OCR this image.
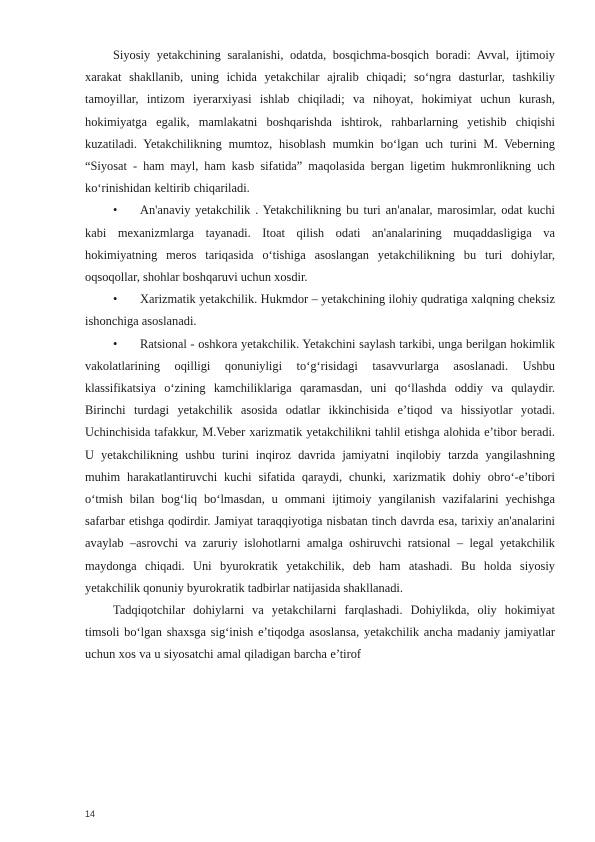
Siyosiy yetakchining saralanishi, odatda, bosqichma-bosqich boradi: Avval, ijtimoiy xarakat shakllanib, uning ichida yetakchilar ajralib chiqadi; so‘ngra dasturlar, tashkiliy tamoyillar, intizom iyerarxiyasi ishlab chiqiladi; va nihoyat, hokimiyat uchun kurash, hokimiyatga egalik, mamlakatni boshqarishda ishtirok, rahbarlarning yetishib chiqishi kuzatiladi. Yetakchilikning mumtoz, hisoblash mumkin bo‘lgan uch turini M. Veberning “Siyosat - ham mayl, ham kasb sifatida” maqolasida bergan ligetim hukmronlikning uch ko‘rinishidan keltirib chiqariladi.

• An'anaviy yetakchilik . Yetakchilikning bu turi an'analar, marosimlar, odat kuchi kabi mexanizmlarga tayanadi. Itoat qilish odati an'analarining muqaddasligiga va hokimiyatning meros tariqasida o‘tishiga asoslangan yetakchilikning bu turi dohiylar, oqsoqollar, shohlar boshqaruvi uchun xosdir.

• Xarizmatik yetakchilik. Hukmdor – yetakchining ilohiy qudratiga xalqning cheksiz ishonchiga asoslanadi.

• Ratsional - oshkora yetakchilik. Yetakchini saylash tarkibi, unga berilgan hokimlik vakolatlarining oqilligi qonuniyligi to‘g‘risidagi tasavvurlarga asoslanadi. Ushbu klassifikatsiya o‘zining kamchiliklariga qaramasdan, uni qo‘llashda oddiy va qulaydir. Birinchi turdagi yetakchilik asosida odatlar ikkinchisida e’tiqod va hissiyotlar yotadi. Uchinchisida tafakkur, M.Veber xarizmatik yetakchilikni tahlil etishga alohida e’tibor beradi. U yetakchilikning ushbu turini inqiroz davrida jamiyatni inqilobiy tarzda yangilashning muhim harakatlantiruvchi kuchi sifatida qaraydi, chunki, xarizmatik dohiy obro‘-e’tibori o‘tmish bilan bog‘liq bo‘lmasdan, u ommani ijtimoiy yangilanish vazifalarini yechishga safarbar etishga qodirdir. Jamiyat taraqqiyotiga nisbatan tinch davrda esa, tarixiy an'analarini avaylab –asrovchi va zaruriy islohotlarni amalga oshiruvchi ratsional – legal yetakchilik maydonga chiqadi. Uni byurokratik yetakchilik, deb ham atashadi. Bu holda siyosiy yetakchilik qonuniy byurokratik tadbirlar natijasida shakllanadi.

Tadqiqotchilar dohiylarni va yetakchilarni farqlashadi. Dohiylikda, oliy hokimiyat timsoli bo‘lgan shaxsga sig‘inish e’tiqodga asoslansa, yetakchilik ancha madaniy jamiyatlar uchun xos va u siyosatchi amal qiladigan barcha e’tirof

14
